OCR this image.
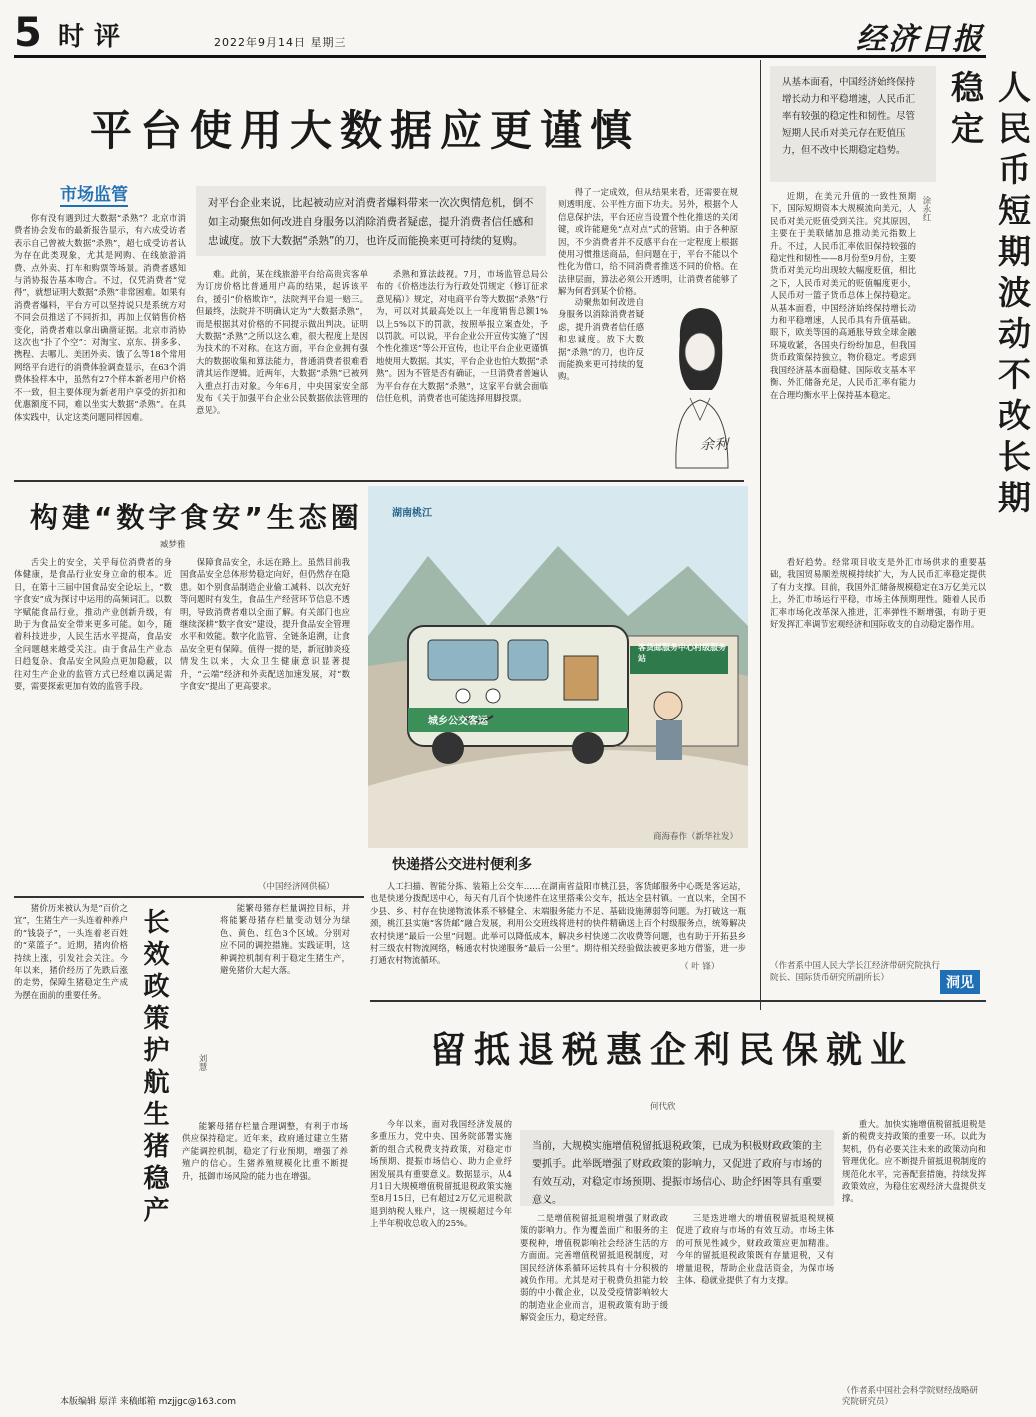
5 时评	2022年9月14日 星期三	经济日报
平台使用大数据应更谨慎
市场监管	对平台企业来说，比起被动应对消费者爆料带来一次次舆情危机，倒不如主动聚焦如何改进自身服务以消除消费者疑虑，提升消费者信任感和忠诚度。放下大数据“杀熟”的刀，也许反而能换来更可持续的复购。

你有没有遇到过大数据“杀熟”？北京市消费者协会发布的最新报告显示，有六成受访者表示自己曾被大数据“杀熟”，超七成受访者认为存在此类现象，尤其是网购、在线旅游消费、点外卖、打车和购票等场景。消费者感知与消协报告基本吻合。不过，仅凭消费者“觉得”，就想证明大数据“杀熟”非常困难。如果有消费者爆料，平台方可以坚持说只是系统方对不同会员推送了不同折扣，再加上仅销售价格变化，消费者难以拿出确凿证据。北京市消协这次也“扑了个空”：对淘宝、京东、拼多多、携程、去哪儿、美团外卖、饿了么等18个常用网络平台进行的消费体验调查显示，在63个消费体验样本中，虽然有27个样本新老用户价格不一致，但主要体现为新老用户享受的折扣和优惠额度不同，难以坐实大数据“杀熟”。在具体实践中，认定这类问题同样因难。

难。此前，某在线旅游平台给高贵宾客单为订房价格比普通用户高的结果，起诉该平台，援引“价格欺诈”，法院判平台退一赔三。但最终，法院并不明确认定为“大数据杀熟”，而是根据其对价格的不同提示做出判决。证明大数据“杀熟”之所以这么难，很大程度上是因为技术的不对称。在这方面，平台企业拥有强大的数据收集和算法能力，普通消费者很难看清其运作逻辑。近两年，大数据“杀熟”已被列入重点打击对象。今年6月，中央国家安全部发布《关于加强平台企业公民数据依法管理的意见》。

杀熟和算法歧视。7月，市场监管总局公布的《价格违法行为行政处罚规定（修订征求意见稿）》规定，对电商平台等大数据“杀熟”行为，可以对其最高处以上一年度销售总额1%以上5%以下的罚款，按照举报立案查处，予以罚款。可以说，平台企业公开宣传实施了“因个性化推送”等公开宣传，也让平台企业更谨慎地使用大数据。其实，平台企业也怕大数据“杀熟”。因为不管是否有确证，一旦消费者普遍认为平台存在大数据“杀熟”，这家平台就会面临信任危机，消费者也可能选择用脚投票。

得了一定成效，但从结果来看，还需要在规则透明度、公平性方面下功夫。另外，根据个人信息保护法，平台还应当设置个性化推送的关闭键，或许能避免“点对点”式的营销。由于各种原因，不少消费者并不反感平台在一定程度上根据使用习惯推送商品，但问题在于，平台不能以个性化为借口，给不同消费者推送不同的价格。在法律层面，算法必须公开透明，让消费者能够了解为何看到某个价格。

动聚焦如何改进自身服务以消除消费者疑虑，提升消费者信任感和忠诚度。放下大数据“杀熟”的刀，也许反而能换来更可持续的复购。

余利
构建“数字食安”生态圈
臧梦雅

舌尖上的安全，关乎每位消费者的身体健康，是食品行业安身立命的根本。近日，在第十三届中国食品安全论坛上，“数字食安”成为探讨中运用的高频词汇。以数字赋能食品行业，推动产业创新升级，有助于为食品安全带来更多可能。如今，随着科技进步，人民生活水平提高，食品安全问题越来越受关注。由于食品生产业态日趋复杂、食品安全风险点更加隐蔽，以往对生产企业的监管方式已经难以满足需要，需要探索更加有效的监管手段。

保障食品安全，永远在路上。虽然目前我国食品安全总体形势稳定向好，但仍然存在隐患。如个别食品制造企业偷工减料、以次充好等问题时有发生，食品生产经营环节信息不透明，导致消费者难以全面了解。有关部门也应继续深耕“数字食安”建设，提升食品安全管理水平和效能。数字化监管、全链条追溯，让食品安全更有保障。值得一提的是，新冠肺炎疫情发生以来，大众卫生健康意识显著提升，“云端”经济和外卖配送加速发展，对“数字食安”提出了更高要求。

（中国经济网供稿）
湖南桃江
客货邮服务中心村级服务站
城乡公交客运
商海春作（新华社发）
快递搭公交进村便利多

人工扫描、智能分拣、装箱上公交车……在湖南省益阳市桃江县，客货邮服务中心既是客运站，也是快递分拨配送中心，每天有几百个快递件在这里搭乘公交车，抵达全县村镇。一直以来，全国不少县、乡、村存在快递物流体系不够健全、末端服务能力不足、基础设施薄弱等问题。为打破这一瓶颈，桃江县实施“客货邮”融合发展，利用公交班线将进村的快件精确送上百个村级服务点，统筹解决农村快递“最后一公里”问题。此举可以降低成本，解决乡村快递二次收费等问题，也有助于开拓县乡村三级农村物流网络，畅通农村快递服务“最后一公里”。期待相关经验做法被更多地方借鉴，进一步打通农村物流循环。

（ 叶 锋）
长效政策护航生猪稳产	刘慧

猪价历来被认为是“百价之宜”，生猪生产一头连着种养户的“钱袋子”，一头连着老百姓的“菜篮子”。近期，猪肉价格持续上涨，引发社会关注。今年以来，猪价经历了先跌后涨的走势，保障生猪稳定生产成为摆在面前的重要任务。

能繁母猪存栏量调控目标，并将能繁母猪存栏量变动划分为绿色、黄色、红色3个区域。分别对应不同的调控措施。实践证明，这种调控机制有利于稳定生猪生产，避免猪价大起大落。

能繁母猪存栏量合理调整，有利于市场供应保持稳定。近年来，政府通过建立生猪产能调控机制，稳定了行业预期，增强了养殖户的信心。生猪养殖规模化比重不断提升，抵御市场风险的能力也在增强。

本版编辑 原洋 来稿邮箱 mzjjgc@163.com
从基本面看，中国经济始终保持增长动力和平稳增速，人民币汇率有较强的稳定性和韧性。尽管短期人民币对美元存在贬值压力，但不改中长期稳定趋势。	人民币短期波动不改长期稳定
涂永红

近期，在美元升值的一致性预期下，国际短期资本大规模流向美元，人民币对美元贬值受到关注。究其原因，主要在于美联储加息推动美元指数上升。不过，人民币汇率依旧保持较强的稳定性和韧性——8月份至9月份，主要货币对美元均出现较大幅度贬值，相比之下，人民币对美元的贬值幅度更小，人民币对一篮子货币总体上保持稳定。从基本面看，中国经济始终保持增长动力和平稳增速，人民币具有升值基础。眼下，欧美等国的高通胀导致全球金融环境收紧，各国央行纷纷加息，但我国货币政策保持独立，物价稳定。考虑到我国经济基本面稳健、国际收支基本平衡、外汇储备充足，人民币汇率有能力在合理均衡水平上保持基本稳定。

看好趋势。经常项目收支是外汇市场供求的重要基础，我国贸易顺差规模持续扩大，为人民币汇率稳定提供了有力支撑。目前，我国外汇储备规模稳定在3万亿美元以上，外汇市场运行平稳，市场主体预期理性。随着人民币汇率市场化改革深入推进，汇率弹性不断增强，有助于更好发挥汇率调节宏观经济和国际收支的自动稳定器作用。

（作者系中国人民大学长江经济带研究院执行院长、国际货币研究所副所长）	洞见
留抵退税惠企利民保就业
何代欣
当前，大规模实施增值税留抵退税政策，已成为积极财政政策的主要抓手。此举既增强了财政政策的影响力，又促进了政府与市场的有效互动，对稳定市场预期、提振市场信心、助企纾困等具有重要意义。

今年以来，面对我国经济发展的多重压力，党中央、国务院部署实施新的组合式税费支持政策，对稳定市场预期、提振市场信心、助力企业纾困发展具有重要意义。数据显示，从4月1日大规模增值税留抵退税政策实施至8月15日，已有超过2万亿元退税款退到纳税人账户，这一规模超过今年上半年税收总收入的25%。

二是增值税留抵退税增强了财政政策的影响力。作为覆盖面广和服务的主要税种，增值税影响社会经济生活的方方面面。完善增值税留抵退税制度，对国民经济体系循环运转具有十分积极的减负作用。尤其是对于税费负担能力较弱的中小微企业，以及受疫情影响较大的制造业企业而言，退税政策有助于缓解资金压力，稳定经营。

三是迭进增大的增值税留抵退税规模促进了政府与市场的有效互动。市场主体的可预见性减少，财政政策应更加精准。今年的留抵退税政策既有存量退税，又有增量退税，帮助企业盘活资金，为保市场主体、稳就业提供了有力支撑。

重大。加快实施增值税留抵退税是新的税费支持政策的重要一环。以此为契机，仍有必要关注未来的政策动向和管理优化。应不断提升留抵退税制度的规范化水平，完善配套措施，持续发挥政策效应，为稳住宏观经济大盘提供支撑。

（作者系中国社会科学院财经战略研究院研究员）
